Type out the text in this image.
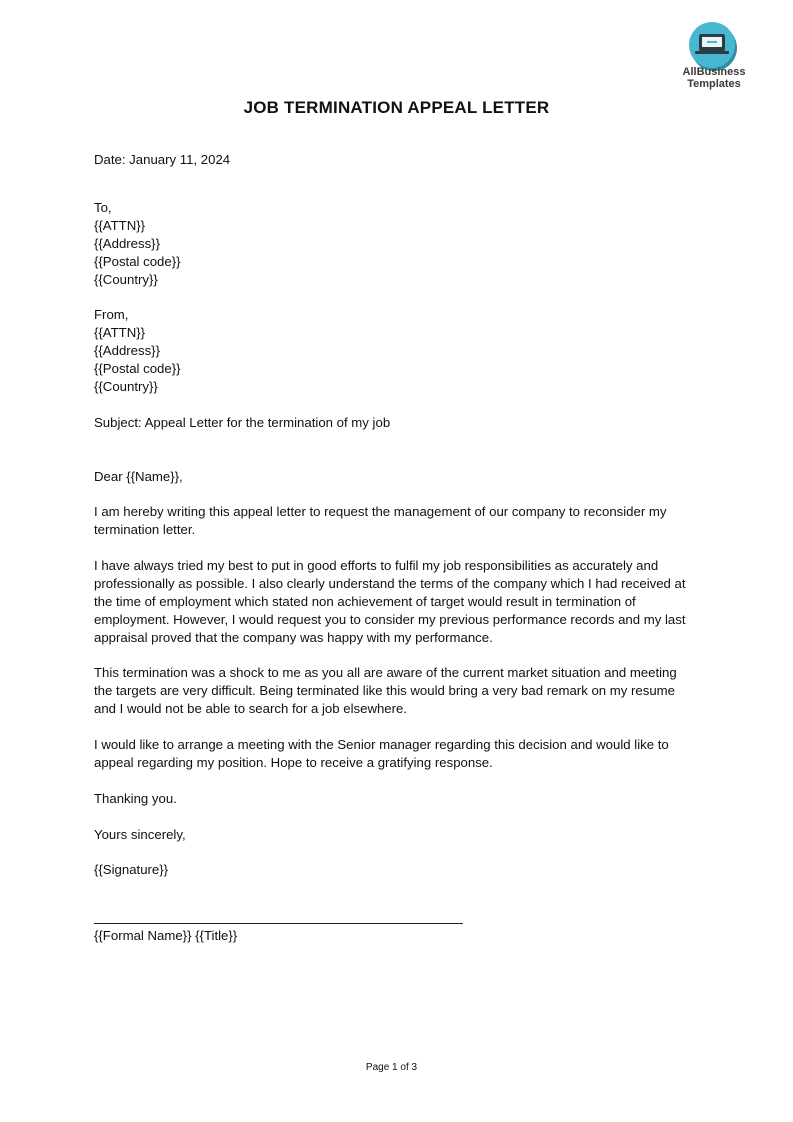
AllBusiness
Templates
JOB TERMINATION APPEAL LETTER
Date: January 11, 2024
To,
{{ATTN}}
{{Address}}
{{Postal code}}
{{Country}}
From,
{{ATTN}}
{{Address}}
{{Postal code}}
{{Country}}
Subject: Appeal Letter for the termination of my job
Dear {{Name}},
I am hereby writing this appeal letter to request the management of our company to reconsider my
termination letter.
I have always tried my best to put in good efforts to fulfil my job responsibilities as accurately and
professionally as possible. I also clearly understand the terms of the company which I had received at
the time of employment which stated non achievement of target would result in termination of
employment. However, I would request you to consider my previous performance records and my last
appraisal proved that the company was happy with my performance.
This termination was a shock to me as you all are aware of the current market situation and meeting
the targets are very difficult. Being terminated like this would bring a very bad remark on my resume
and I would not be able to search for a job elsewhere.
I would like to arrange a meeting with the Senior manager regarding this decision and would like to
appeal regarding my position. Hope to receive a gratifying response.
Thanking you.
Yours sincerely,
{{Signature}}
{{Formal Name}} {{Title}}
Page 1 of 3
